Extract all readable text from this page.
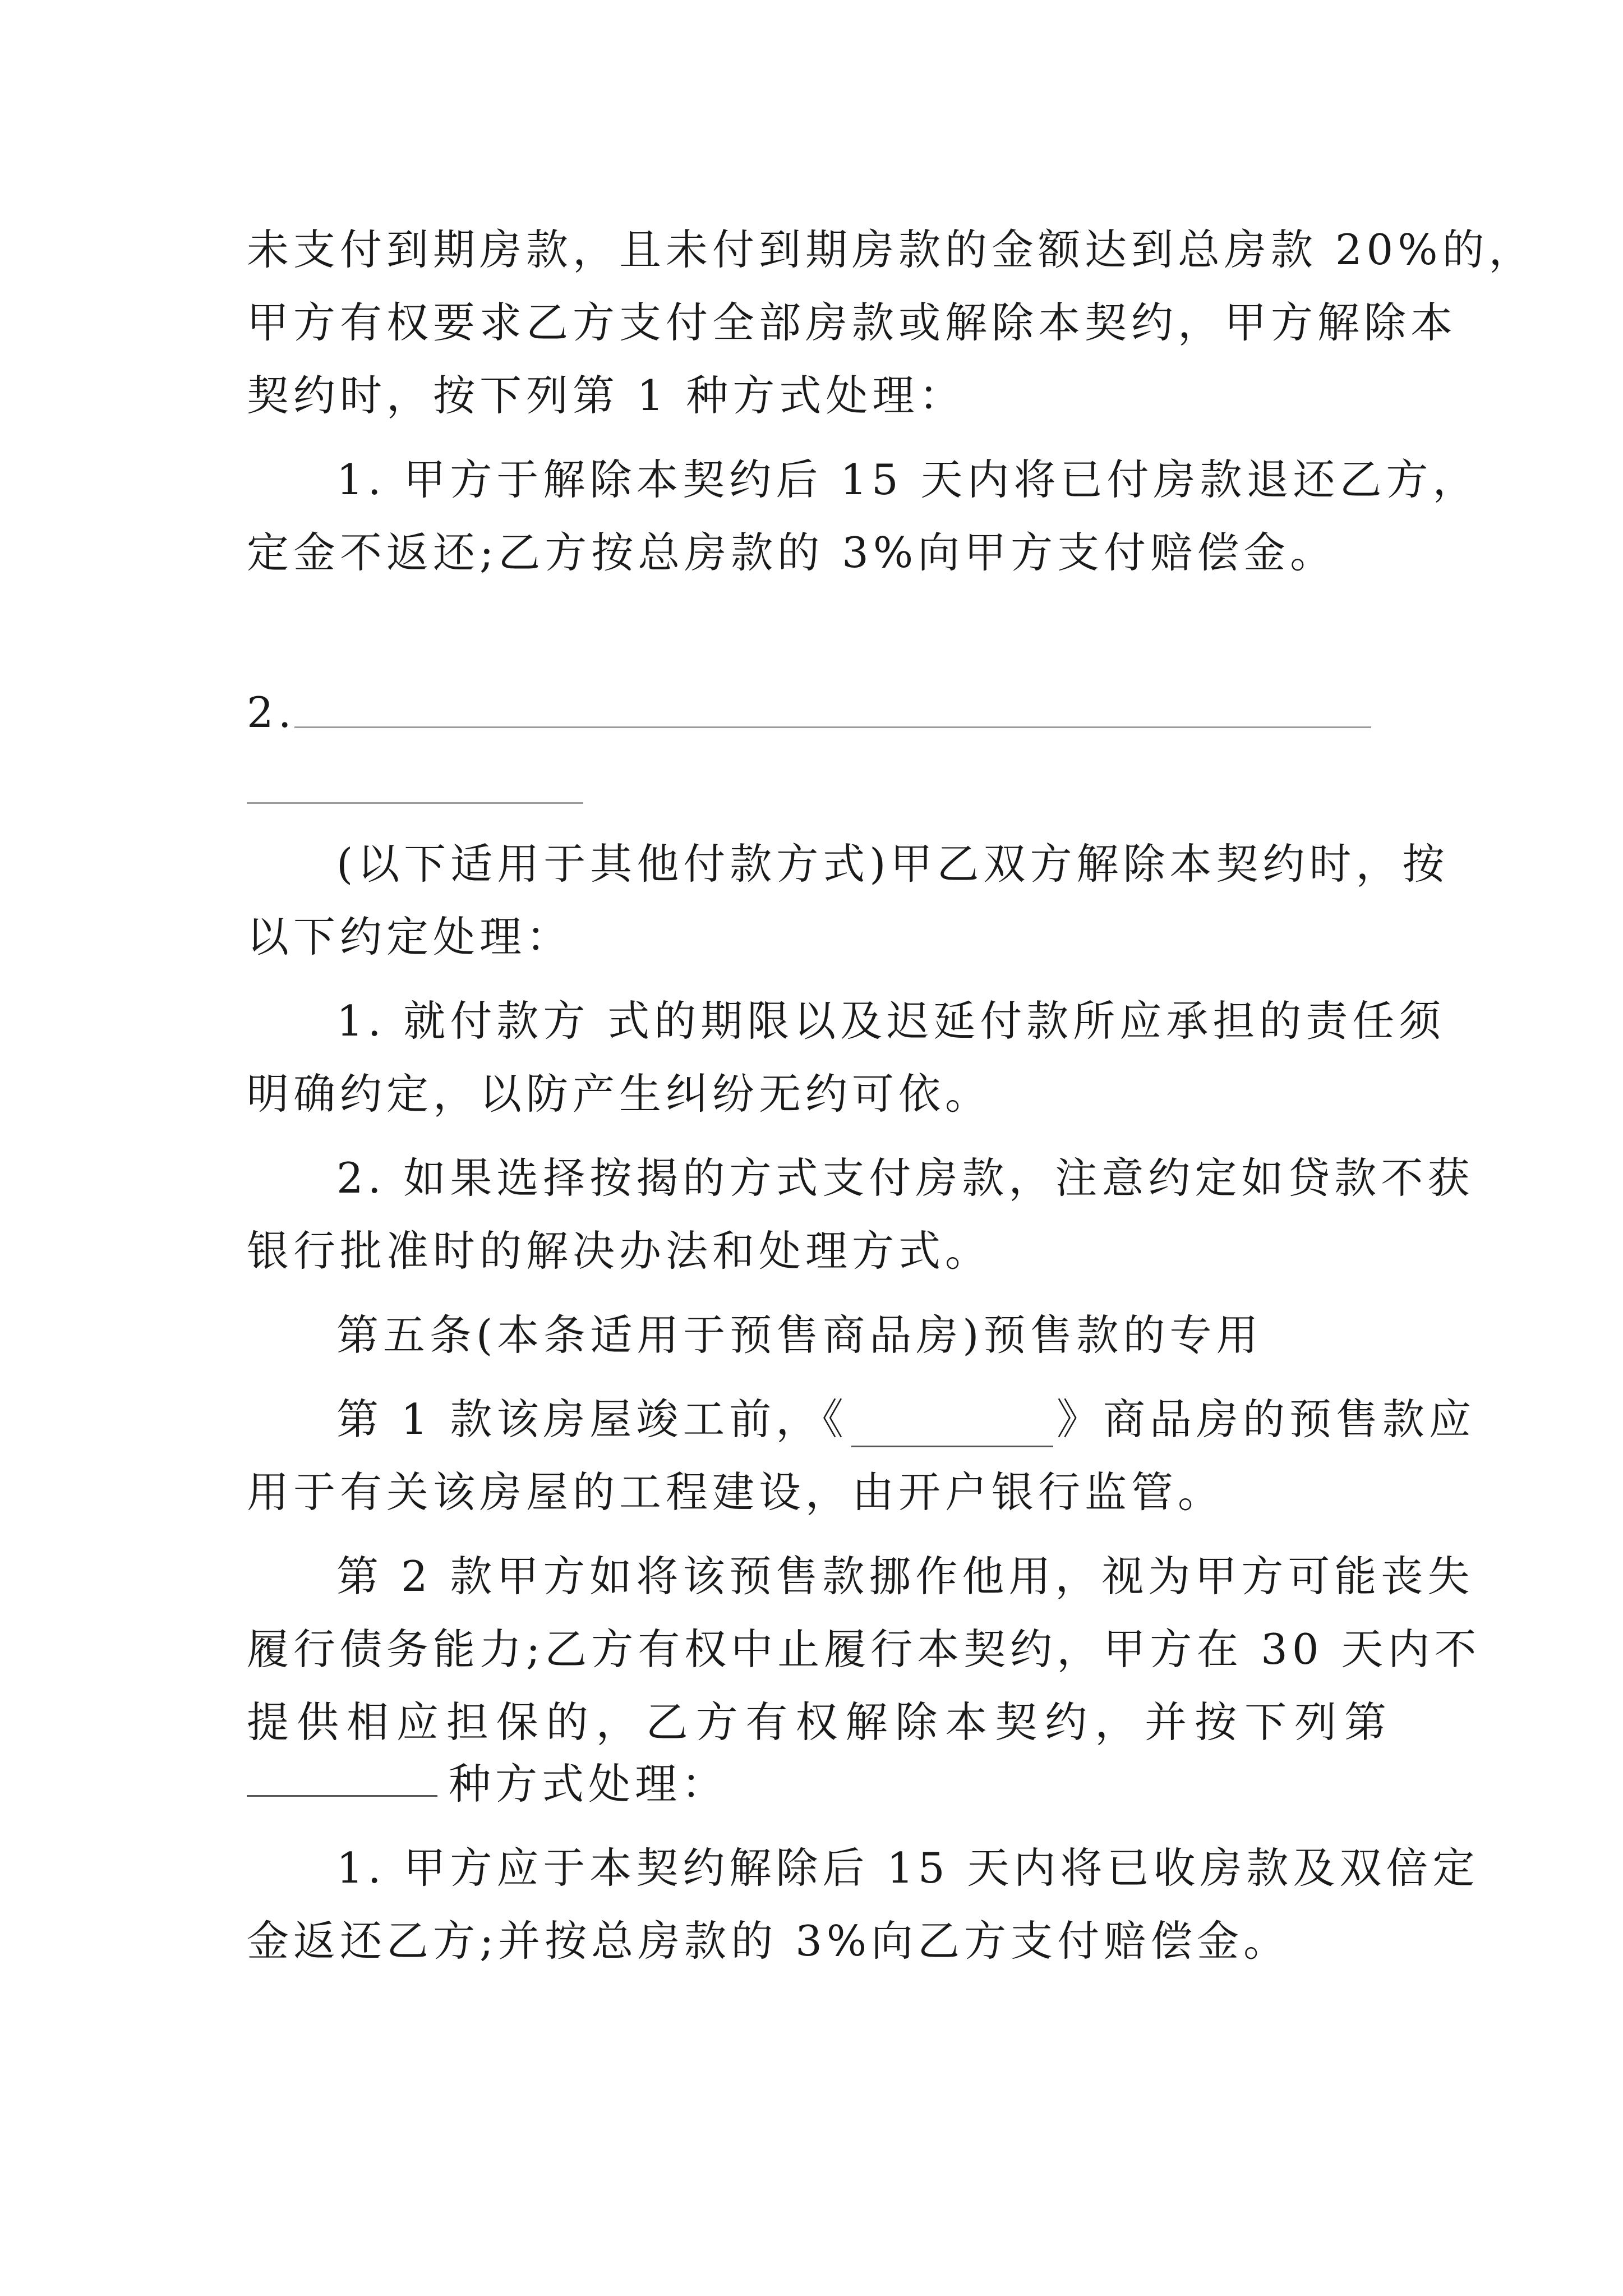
未支付到期房款，且未付到期房款的金额达到总房款 20%的，
甲方有权要求乙方支付全部房款或解除本契约，甲方解除本
契约时，按下列第 1 种方式处理：
1. 甲方于解除本契约后 15 天内将已付房款退还乙方，
定金不返还;乙方按总房款的 3%向甲方支付赔偿金。
2.
(以下适用于其他付款方式)甲乙双方解除本契约时，按
以下约定处理：
1. 就付款方 式的期限以及迟延付款所应承担的责任须
明确约定，以防产生纠纷无约可依。
2. 如果选择按揭的方式支付房款，注意约定如贷款不获
银行批准时的解决办法和处理方式。
第五条(本条适用于预售商品房)预售款的专用
第 1 款该房屋竣工前，《	》商品房的预售款应
用于有关该房屋的工程建设，由开户银行监管。
第 2 款甲方如将该预售款挪作他用，视为甲方可能丧失
履行债务能力;乙方有权中止履行本契约，甲方在 30 天内不
提供相应担保的，乙方有权解除本契约，并按下列第
种方式处理：
1. 甲方应于本契约解除后 15 天内将已收房款及双倍定
金返还乙方;并按总房款的 3%向乙方支付赔偿金。
